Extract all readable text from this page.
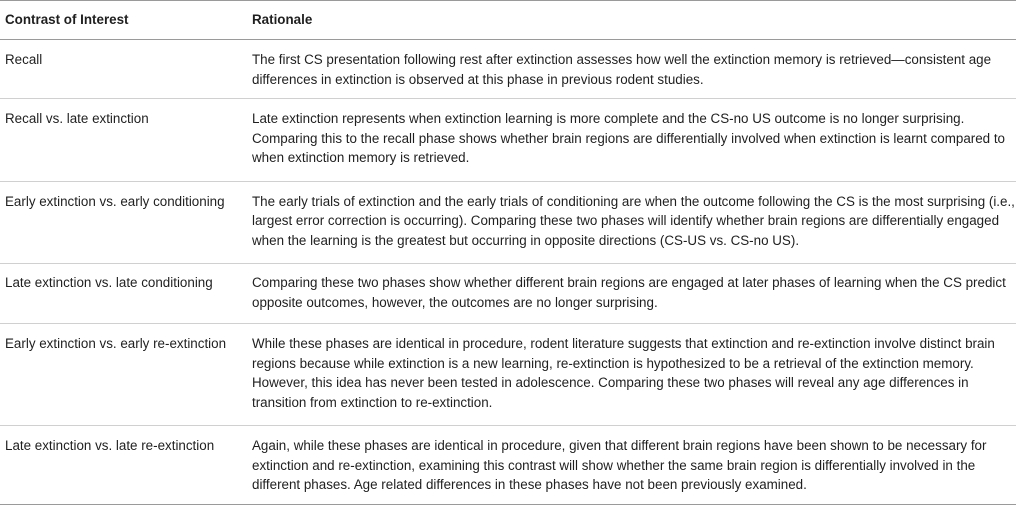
Contrast of Interest	Rationale

Recall	The first CS presentation following rest after extinction assesses how well the extinction memory is retrieved—consistent age differences in extinction is observed at this phase in previous rodent studies.

Recall vs. late extinction	Late extinction represents when extinction learning is more complete and the CS-no US outcome is no longer surprising. Comparing this to the recall phase shows whether brain regions are differentially involved when extinction is learnt compared to when extinction memory is retrieved.

Early extinction vs. early conditioning	The early trials of extinction and the early trials of conditioning are when the outcome following the CS is the most surprising (i.e., largest error correction is occurring). Comparing these two phases will identify whether brain regions are differentially engaged when the learning is the greatest but occurring in opposite directions (CS-US vs. CS-no US).

Late extinction vs. late conditioning	Comparing these two phases show whether different brain regions are engaged at later phases of learning when the CS predict opposite outcomes, however, the outcomes are no longer surprising.

Early extinction vs. early re-extinction	While these phases are identical in procedure, rodent literature suggests that extinction and re-extinction involve distinct brain regions because while extinction is a new learning, re-extinction is hypothesized to be a retrieval of the extinction memory. However, this idea has never been tested in adolescence. Comparing these two phases will reveal any age differences in transition from extinction to re-extinction.

Late extinction vs. late re-extinction	Again, while these phases are identical in procedure, given that different brain regions have been shown to be necessary for extinction and re-extinction, examining this contrast will show whether the same brain region is differentially involved in the different phases. Age related differences in these phases have not been previously examined.
